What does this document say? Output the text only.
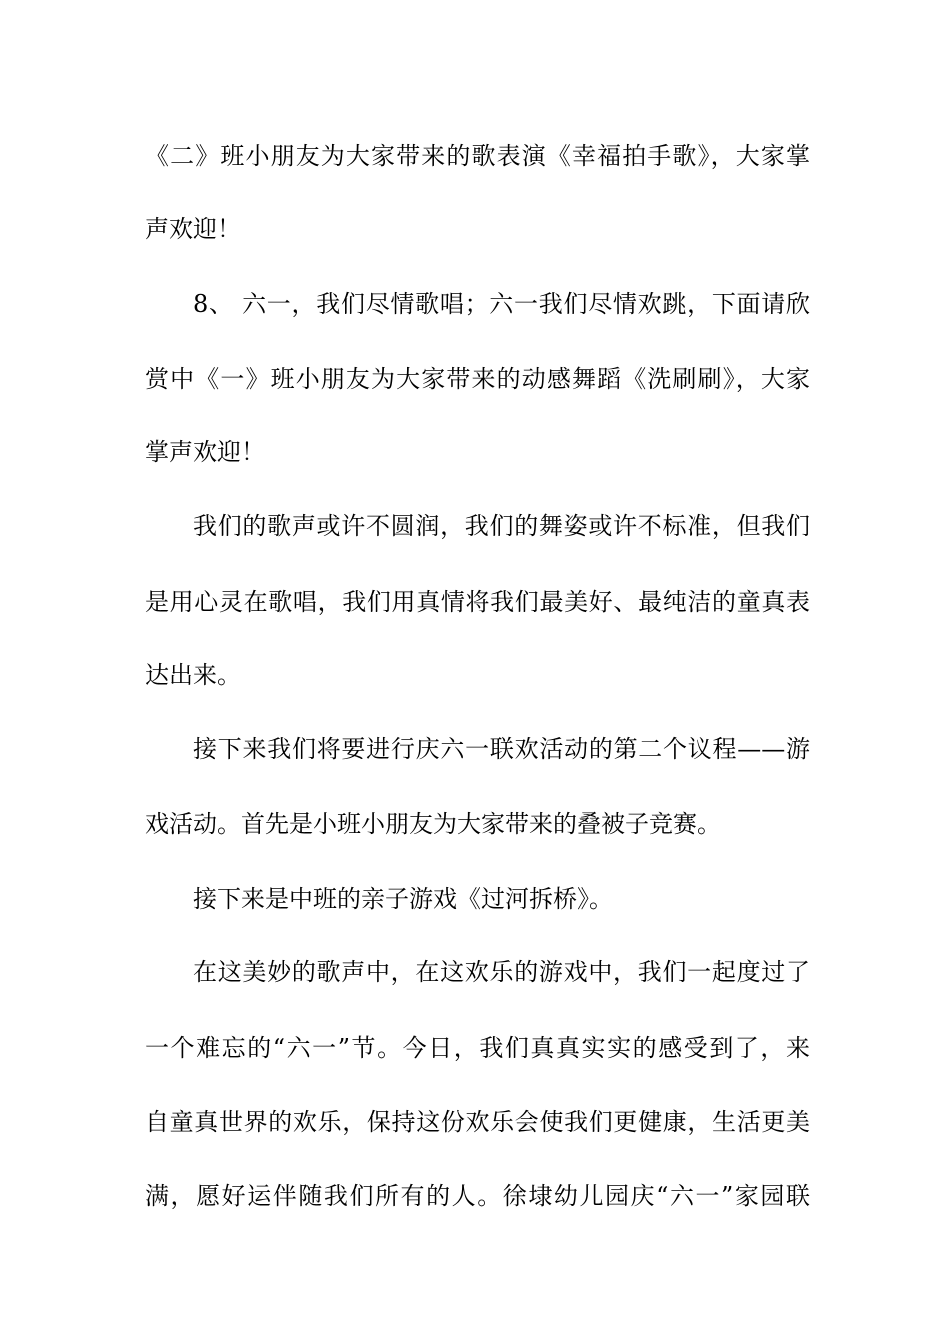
《二》班小朋友为大家带来的歌表演《幸福拍手歌》，大家掌
声欢迎！
8、 六一，我们尽情歌唱；六一我们尽情欢跳，下面请欣
赏中《一》班小朋友为大家带来的动感舞蹈《洗刷刷》，大家
掌声欢迎！
我们的歌声或许不圆润，我们的舞姿或许不标准，但我们
是用心灵在歌唱，我们用真情将我们最美好、最纯洁的童真表
达出来。
接下来我们将要进行庆六一联欢活动的第二个议程——游
戏活动。首先是小班小朋友为大家带来的叠被子竞赛。
接下来是中班的亲子游戏《过河拆桥》。
在这美妙的歌声中，在这欢乐的游戏中，我们一起度过了
一个难忘的“六一”节。今日，我们真真实实的感受到了，来
自童真世界的欢乐，保持这份欢乐会使我们更健康，生活更美
满，愿好运伴随我们所有的人。徐埭幼儿园庆“六一”家园联
